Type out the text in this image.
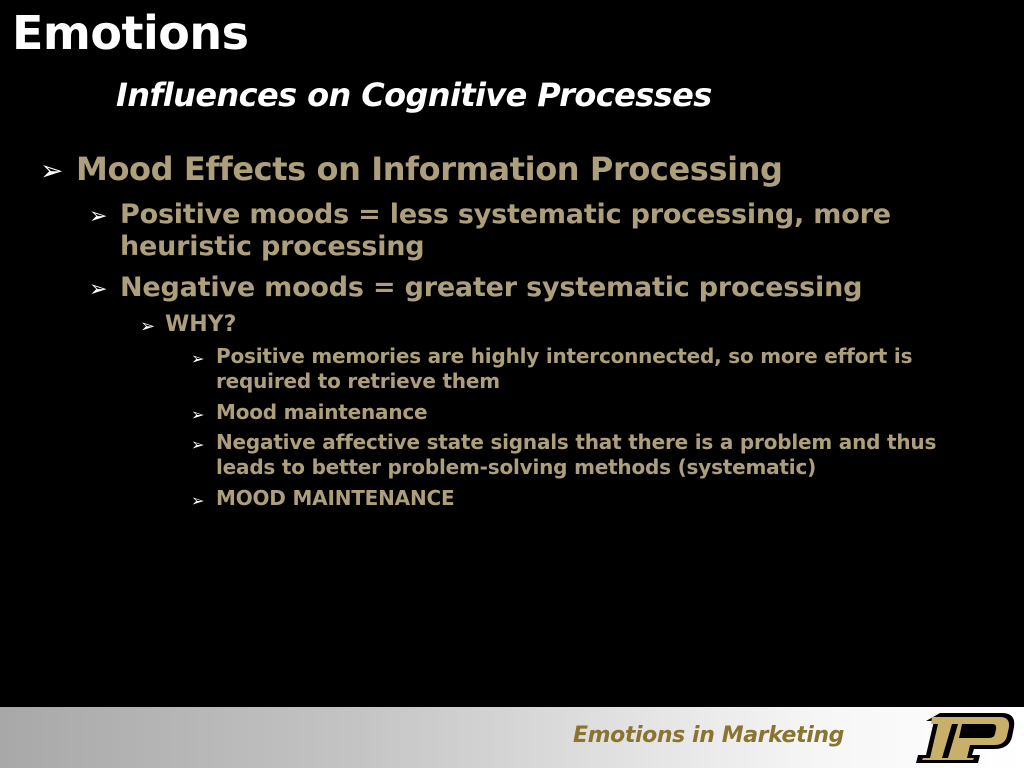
Emotions
Influences on Cognitive Processes
➢ Mood Effects on Information Processing
➢ Positive moods = less systematic processing, more heuristic processing
➢ Negative moods = greater systematic processing
➢ WHY?
➢ Positive memories are highly interconnected, so more effort is required to retrieve them
➢ Mood maintenance
➢ Negative affective state signals that there is a problem and thus leads to better problem-solving methods (systematic)
➢ MOOD MAINTENANCE

Emotions in Marketing
